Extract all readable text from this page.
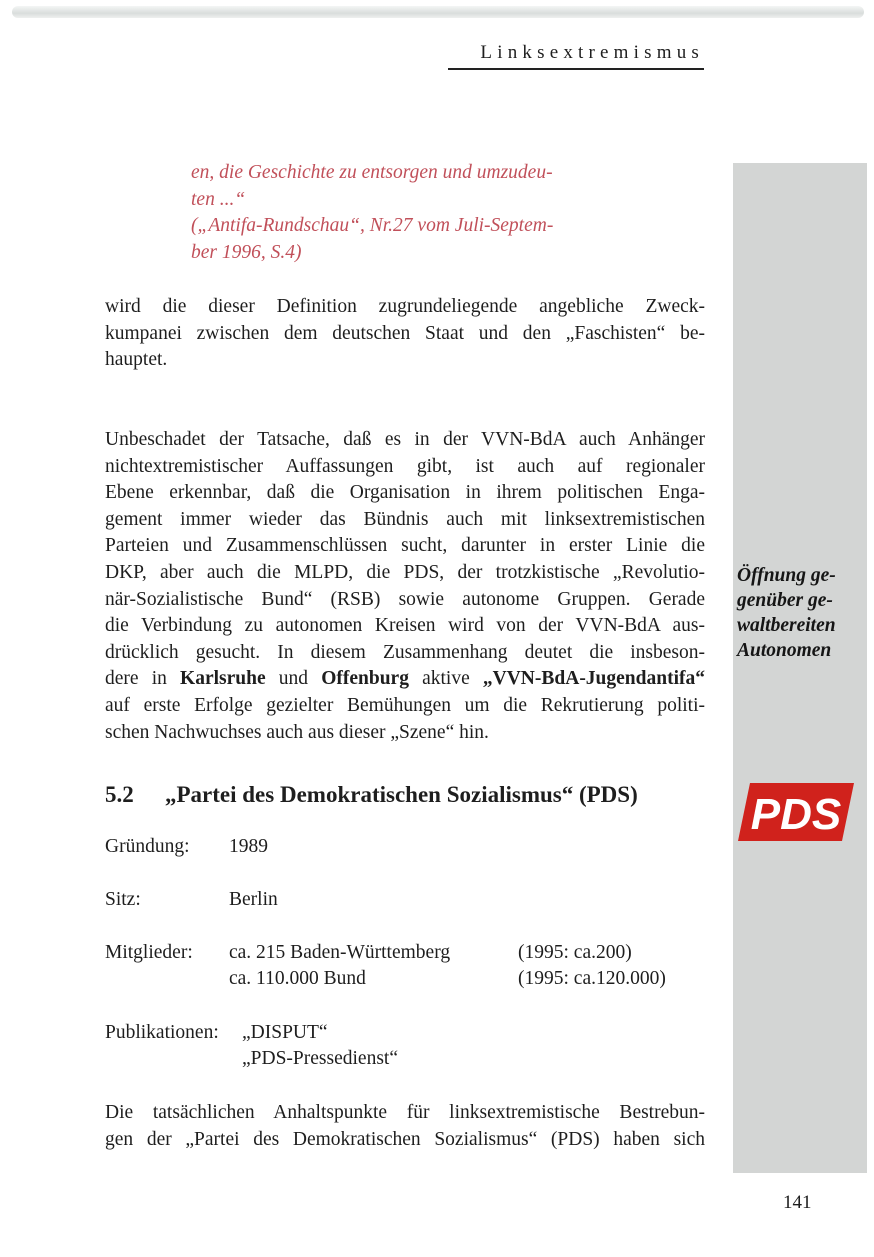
Linksextremismus

en, die Geschichte zu entsorgen und umzudeu-

ten ...“

(„Antifa-Rundschau“, Nr.27 vom Juli-Septem-

ber 1996, S.4)

wird die dieser Definition zugrundeliegende angebliche Zweck-
kumpanei zwischen dem deutschen Staat und den „Faschisten“ be-
hauptet.
Unbeschadet der Tatsache, daß es in der VVN-BdA auch Anhänger
nichtextremistischer Auffassungen gibt, ist auch auf regionaler
Ebene erkennbar, daß die Organisation in ihrem politischen Enga-
gement immer wieder das Bündnis auch mit linksextremistischen
Parteien und Zusammenschlüssen sucht, darunter in erster Linie die
DKP, aber auch die MLPD, die PDS, der trotzkistische „Revolutio-
när-Sozialistische Bund“ (RSB) sowie autonome Gruppen. Gerade
die Verbindung zu autonomen Kreisen wird von der VVN-BdA aus-
drücklich gesucht. In diesem Zusammenhang deutet die insbeson-
dere in Karlsruhe und Offenburg aktive „VVN-BdA-Jugendantifa“
auf erste Erfolge gezielter Bemühungen um die Rekrutierung politi-
schen Nachwuchses auch aus dieser „Szene“ hin.
Öffnung ge-
genüber ge-
waltbereiten
Autonomen
5.2 „Partei des Demokratischen Sozialismus“ (PDS)	PDS
Gründung: 1989
Sitz:	Berlin
Mitglieder: ca. 215 Baden-Württemberg	(1995: ca.200)
ca. 110.000 Bund	(1995: ca.120.000)
Publikationen: „DISPUT“
„PDS-Pressedienst“
Die tatsächlichen Anhaltspunkte für linksextremistische Bestrebun-
gen der „Partei des Demokratischen Sozialismus“ (PDS) haben sich
141
